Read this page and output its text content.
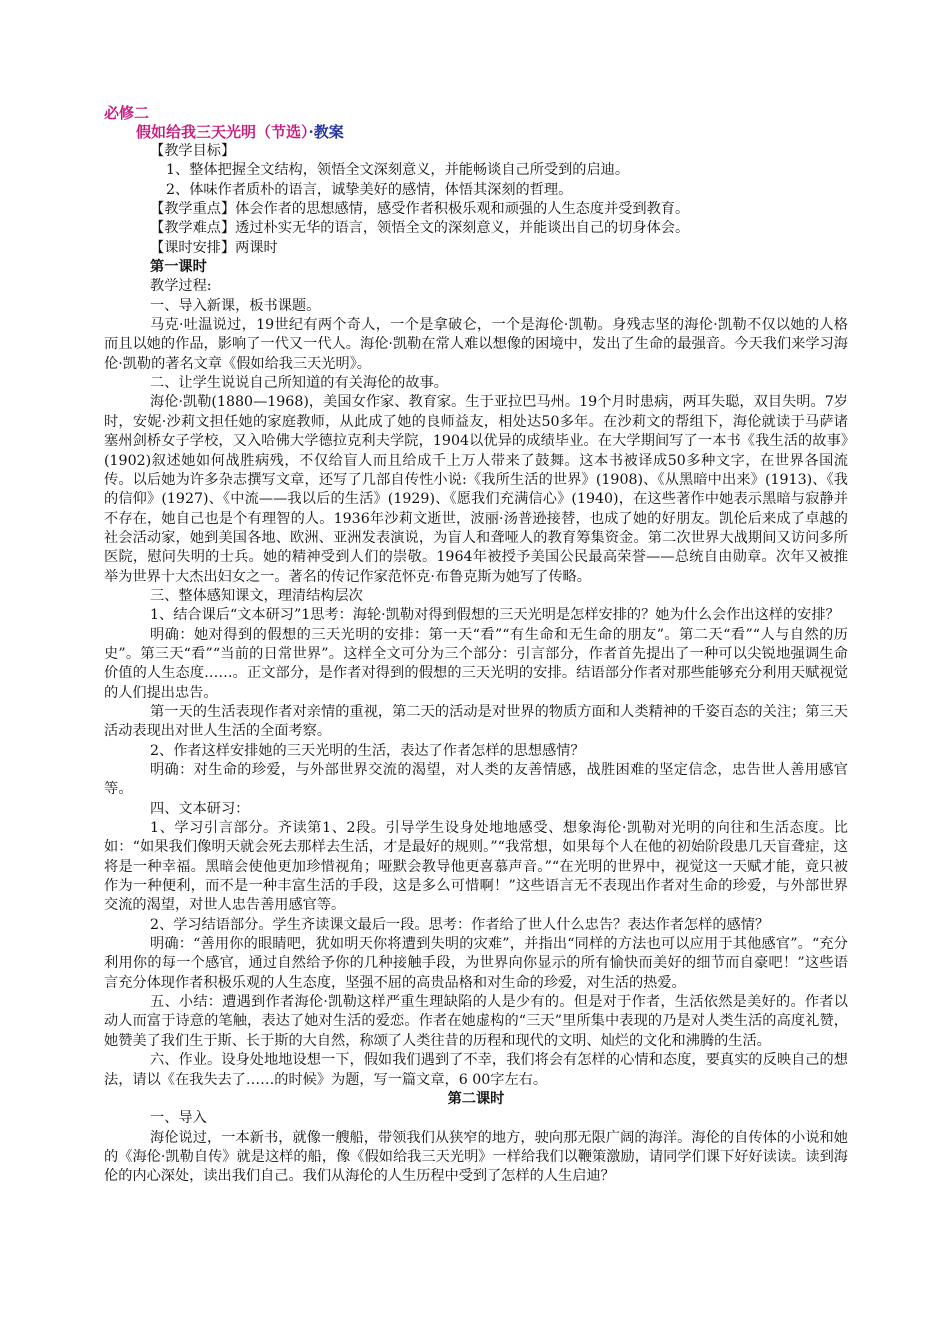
必修二
假如给我三天光明（节选）·教案

【教学目标】

1、整体把握全文结构，领悟全文深刻意义，并能畅谈自己所受到的启迪。

2、体味作者质朴的语言，诚挚美好的感情，体悟其深刻的哲理。

【教学重点】体会作者的思想感情，感受作者积极乐观和顽强的人生态度并受到教育。

【教学难点】透过朴实无华的语言，领悟全文的深刻意义，并能谈出自己的切身体会。

【课时安排】两课时

第一课时

教学过程:

一、导入新课，板书课题。

马克·吐温说过，19世纪有两个奇人，一个是拿破仑，一个是海伦·凯勒。身残志坚的海伦·凯勒不仅以她的人格而且以她的作品，影响了一代又一代人。海伦·凯勒在常人难以想像的困境中，发出了生命的最强音。今天我们来学习海伦·凯勒的著名文章《假如给我三天光明》。

二、让学生说说自己所知道的有关海伦的故事。

海伦·凯勒(1880—1968)，美国女作家、教育家。生于亚拉巴马州。19个月时患病，两耳失聪，双目失明。7岁时，安妮·沙莉文担任她的家庭教师，从此成了她的良师益友，相处达50多年。在沙莉文的帮组下，海伦就读于马萨诸塞州剑桥女子学校，又入哈佛大学德拉克利夫学院，1904以优异的成绩毕业。在大学期间写了一本书《我生活的故事》(1902)叙述她如何战胜病残，不仅给盲人而且给成千上万人带来了鼓舞。这本书被译成50多种文字，在世界各国流传。以后她为许多杂志撰写文章，还写了几部自传性小说:《我所生活的世界》(1908)、《从黑暗中出来》(1913)、《我的信仰》(1927)、《中流——我以后的生活》(1929)、《愿我们充满信心》(1940)，在这些著作中她表示黑暗与寂静并不存在，她自己也是个有理智的人。1936年沙莉文逝世，波丽·汤普逊接替，也成了她的好朋友。凯伦后来成了卓越的社会活动家，她到美国各地、欧洲、亚洲发表演说，为盲人和聋哑人的教育筹集资金。第二次世界大战期间又访问多所医院，慰问失明的士兵。她的精神受到人们的崇敬。1964年被授予美国公民最高荣誉——总统自由勋章。次年又被推举为世界十大杰出妇女之一。著名的传记作家范怀克·布鲁克斯为她写了传略。

三、整体感知课文，理清结构层次

1、结合课后“文本研习”1思考：海轮·凯勒对得到假想的三天光明是怎样安排的？她为什么会作出这样的安排？

明确：她对得到的假想的三天光明的安排：第一天“看”“有生命和无生命的朋友”。第二天“看”“人与自然的历史”。第三天“看”“当前的日常世界”。这样全文可分为三个部分：引言部分，作者首先提出了一种可以尖锐地强调生命价值的人生态度……。正文部分，是作者对得到的假想的三天光明的安排。结语部分作者对那些能够充分利用天赋视觉的人们提出忠告。

第一天的生活表现作者对亲情的重视，第二天的活动是对世界的物质方面和人类精神的千姿百态的关注；第三天活动表现出对世人生活的全面考察。

2、作者这样安排她的三天光明的生活，表达了作者怎样的思想感情？

明确：对生命的珍爱，与外部世界交流的渴望，对人类的友善情感，战胜困难的坚定信念，忠告世人善用感官等。

四、文本研习：

1、学习引言部分。齐读第1、2段。引导学生设身处地地感受、想象海伦·凯勒对光明的向往和生活态度。比如：“如果我们像明天就会死去那样去生活，才是最好的规则。”“我常想，如果每个人在他的初始阶段患几天盲聋症，这将是一种幸福。黑暗会使他更加珍惜视角；哑默会教导他更喜慕声音。”“在光明的世界中，视觉这一天赋才能，竟只被作为一种便利，而不是一种丰富生活的手段，这是多么可惜啊！”这些语言无不表现出作者对生命的珍爱，与外部世界交流的渴望，对世人忠告善用感官等。

2、学习结语部分。学生齐读课文最后一段。思考：作者给了世人什么忠告？表达作者怎样的感情？

明确：“善用你的眼睛吧，犹如明天你将遭到失明的灾难”，并指出“同样的方法也可以应用于其他感官”。“充分利用你的每一个感官，通过自然给予你的几种接触手段，为世界向你显示的所有愉快而美好的细节而自豪吧！”这些语言充分体现作者积极乐观的人生态度，坚强不屈的高贵品格和对生命的珍爱，对生活的热爱。

五、小结：遭遇到作者海伦·凯勒这样严重生理缺陷的人是少有的。但是对于作者，生活依然是美好的。作者以动人而富于诗意的笔触，表达了她对生活的爱恋。作者在她虚构的“三天”里所集中表现的乃是对人类生活的高度礼赞，她赞美了我们生于斯、长于斯的大自然，称颂了人类往昔的历程和现代的文明、灿烂的文化和沸腾的生活。

六、作业。设身处地地设想一下，假如我们遇到了不幸，我们将会有怎样的心情和态度，要真实的反映自己的想法，请以《在我失去了……的时候》为题，写一篇文章，6 00字左右。

第二课时

一、导入

海伦说过，一本新书，就像一艘船，带领我们从狭窄的地方，驶向那无限广阔的海洋。海伦的自传体的小说和她的《海伦·凯勒自传》就是这样的船，像《假如给我三天光明》一样给我们以鞭策激励，请同学们课下好好读读。读到海伦的内心深处，读出我们自己。我们从海伦的人生历程中受到了怎样的人生启迪？
